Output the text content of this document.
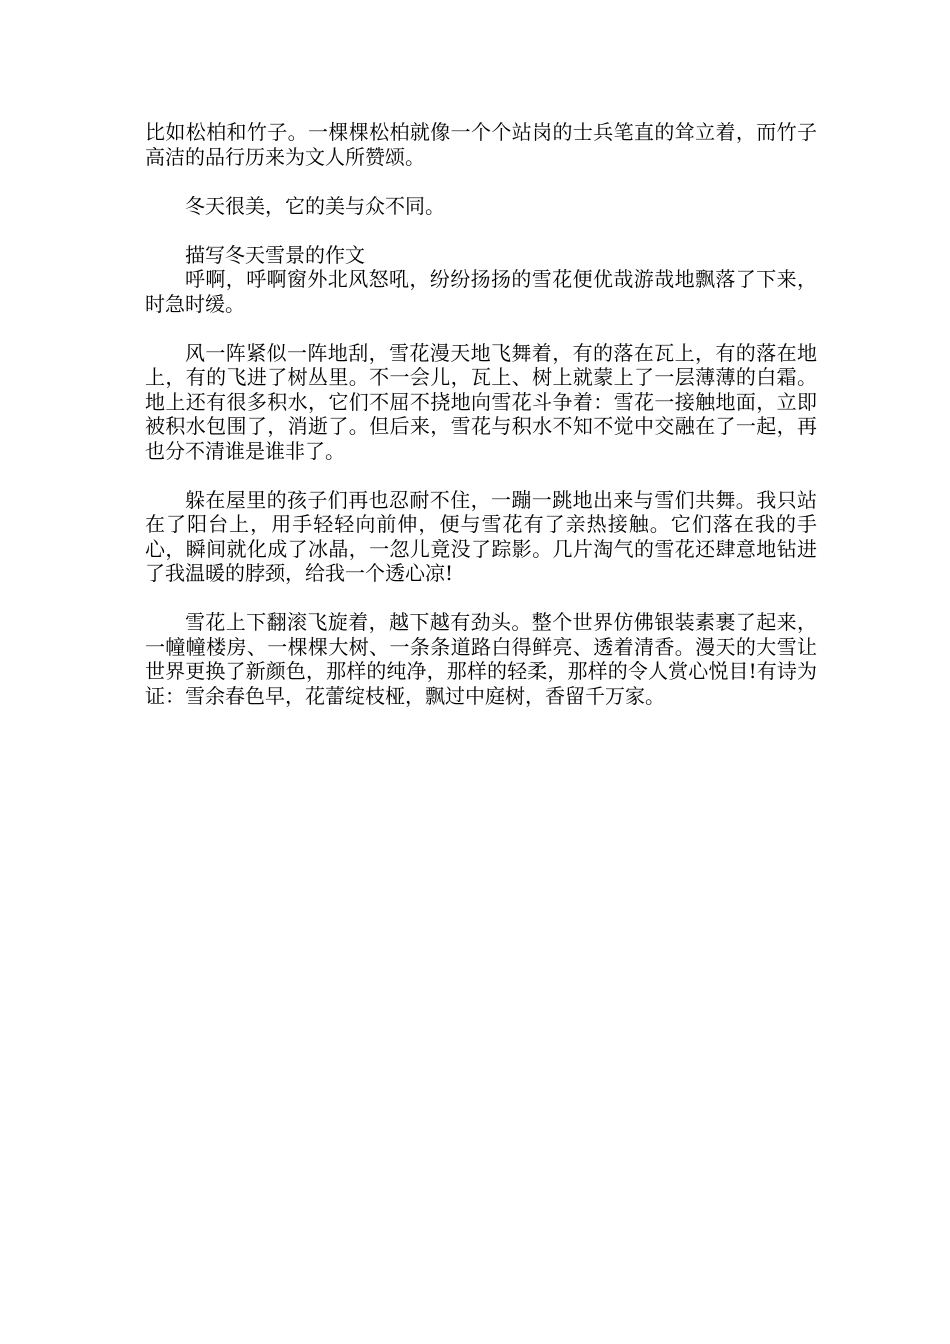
比如松柏和竹子。一棵棵松柏就像一个个站岗的士兵笔直的耸立着，而竹子高洁的品行历来为文人所赞颂。

冬天很美，它的美与众不同。

描写冬天雪景的作文

呼啊，呼啊窗外北风怒吼，纷纷扬扬的雪花便优哉游哉地飘落了下来，时急时缓。

风一阵紧似一阵地刮，雪花漫天地飞舞着，有的落在瓦上，有的落在地上，有的飞进了树丛里。不一会儿，瓦上、树上就蒙上了一层薄薄的白霜。地上还有很多积水，它们不屈不挠地向雪花斗争着：雪花一接触地面，立即被积水包围了，消逝了。但后来，雪花与积水不知不觉中交融在了一起，再也分不清谁是谁非了。

躲在屋里的孩子们再也忍耐不住，一蹦一跳地出来与雪们共舞。我只站在了阳台上，用手轻轻向前伸，便与雪花有了亲热接触。它们落在我的手心，瞬间就化成了冰晶，一忽儿竟没了踪影。几片淘气的雪花还肆意地钻进了我温暖的脖颈，给我一个透心凉!

雪花上下翻滚飞旋着，越下越有劲头。整个世界仿佛银装素裹了起来，一幢幢楼房、一棵棵大树、一条条道路白得鲜亮、透着清香。漫天的大雪让世界更换了新颜色，那样的纯净，那样的轻柔，那样的令人赏心悦目!有诗为证：雪余春色早，花蕾绽枝桠，飘过中庭树，香留千万家。
